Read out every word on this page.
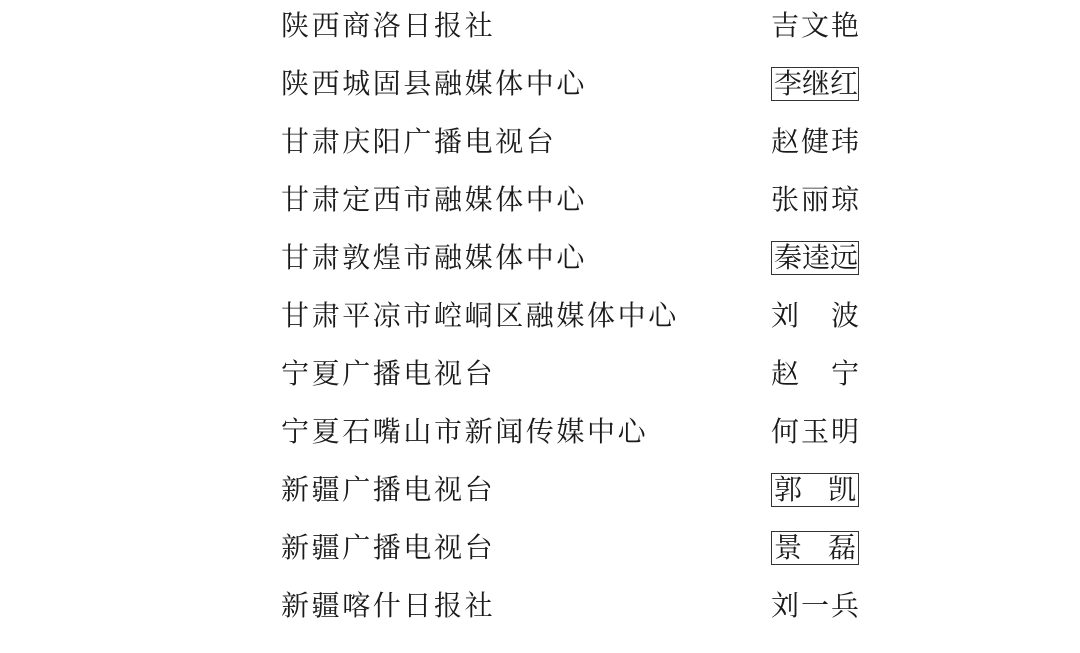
陕西商洛日报社	吉 文 艳
陕西城固县融媒体中心	李 继 红
甘肃庆阳广播电视台	赵 健 玮
甘肃定西市融媒体中心	张 丽 琼
甘肃敦煌市融媒体中心	秦 逵 远
甘肃平凉市崆峒区融媒体中心	刘 波
宁夏广播电视台	赵 宁
宁夏石嘴山市新闻传媒中心	何 玉 明
新疆广播电视台	郭 凯
新疆广播电视台	景 磊
新疆喀什日报社	刘 一 兵
